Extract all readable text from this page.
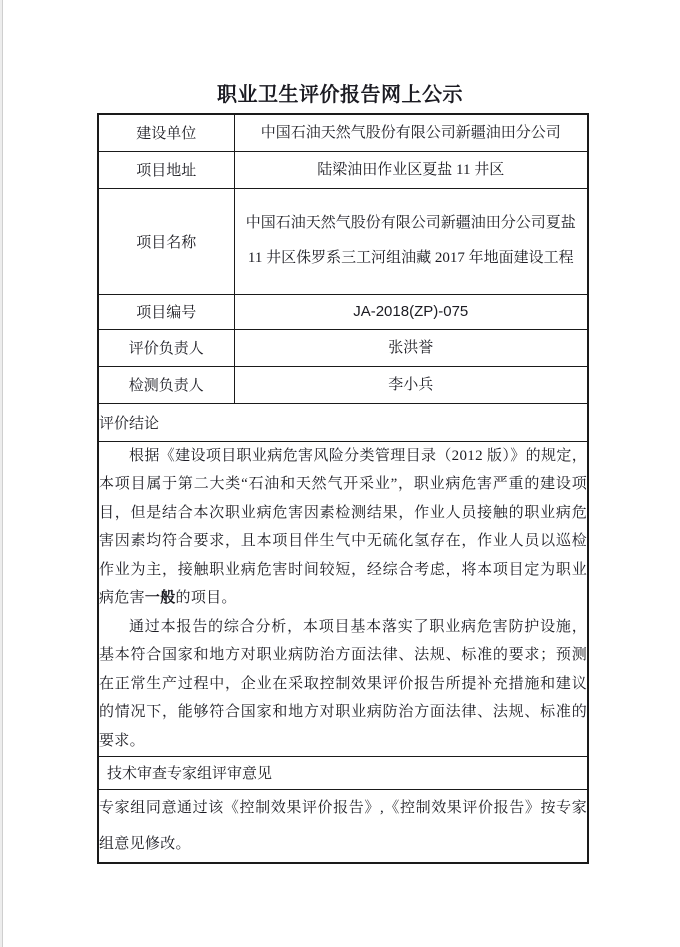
职业卫生评价报告网上公示
建设单位	中国石油天然气股份有限公司新疆油田分公司
项目地址	陆梁油田作业区夏盐 11 井区
项目名称	中国石油天然气股份有限公司新疆油田分公司夏盐 11 井区侏罗系三工河组油藏 2017 年地面建设工程
项目编号	JA-2018(ZP)-075
评价负责人	张洪誉
检测负责人	李小兵
评价结论	

根据《建设项目职业病危害风险分类管理目录（2012 版）》的规定，本项目属于第二大类“石油和天然气开采业”，职业病危害严重的建设项目，但是结合本次职业病危害因素检测结果，作业人员接触的职业病危害因素均符合要求，且本项目伴生气中无硫化氢存在，作业人员以巡检作业为主，接触职业病危害时间较短，经综合考虑，将本项目定为职业病危害一般的项目。

通过本报告的综合分析，本项目基本落实了职业病危害防护设施，基本符合国家和地方对职业病防治方面法律、法规、标准的要求；预测在正常生产过程中，企业在采取控制效果评价报告所提补充措施和建议的情况下，能够符合国家和地方对职业病防治方面法律、法规、标准的要求。	

技术审查专家组评审意见	
专家组同意通过该《控制效果评价报告》,《控制效果评价报告》按专家组意见修改。	
